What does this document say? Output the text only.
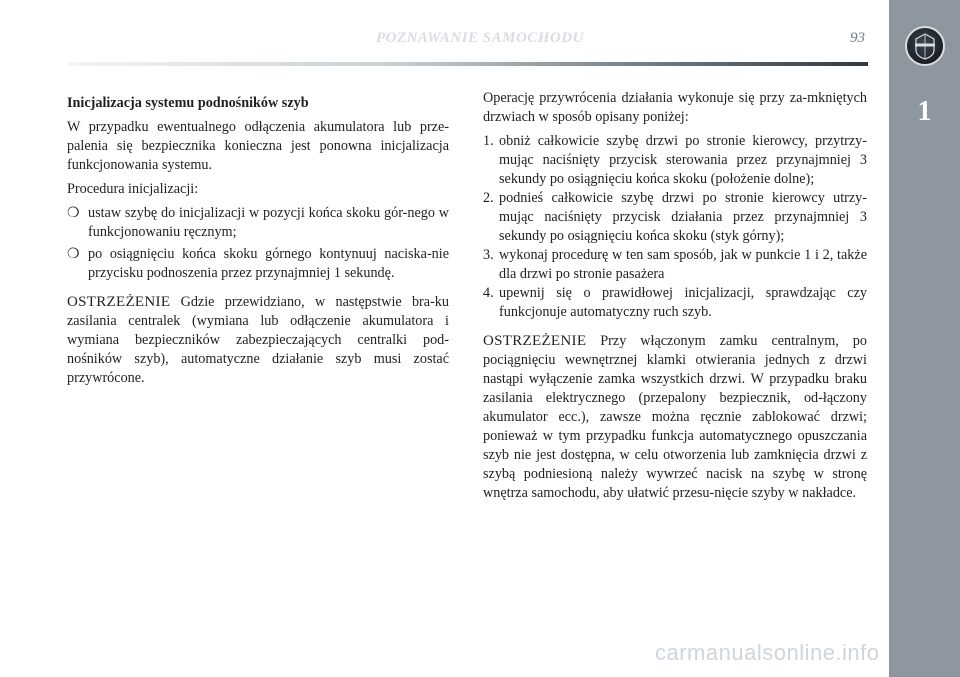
POZNAWANIE SAMOCHODU	93
1

Inicjalizacja systemu podnośników szyb

W przypadku ewentualnego odłączenia akumulatora lub prze-palenia się bezpiecznika konieczna jest ponowna inicjalizacja funkcjonowania systemu.

Procedura inicjalizacji:

❍ ustaw szybę do inicjalizacji w pozycji końca skoku gór-nego w funkcjonowaniu ręcznym;
❍ po osiągnięciu końca skoku górnego kontynuuj naciska-nie przycisku podnoszenia przez przynajmniej 1 sekundę.

OSTRZEŻENIE Gdzie przewidziano, w następstwie bra-ku zasilania centralek (wymiana lub odłączenie akumulatora i wymiana bezpieczników zabezpieczających centralki pod-nośników szyb), automatyczne działanie szyb musi zostać przywrócone.

Operację przywrócenia działania wykonuje się przy za-mkniętych drzwiach w sposób opisany poniżej:

1. obniż całkowicie szybę drzwi po stronie kierowcy, przytrzy-mując naciśnięty przycisk sterowania przez przynajmniej 3 sekundy po osiągnięciu końca skoku (położenie dolne);
2. podnieś całkowicie szybę drzwi po stronie kierowcy utrzy-mując naciśnięty przycisk działania przez przynajmniej 3 sekundy po osiągnięciu końca skoku (styk górny);
3. wykonaj procedurę w ten sam sposób, jak w punkcie 1 i 2, także dla drzwi po stronie pasażera
4. upewnij się o prawidłowej inicjalizacji, sprawdzając czy funkcjonuje automatyczny ruch szyb.

OSTRZEŻENIE Przy włączonym zamku centralnym, po pociągnięciu wewnętrznej klamki otwierania jednych z drzwi nastąpi wyłączenie zamka wszystkich drzwi. W przypadku braku zasilania elektrycznego (przepalony bezpiecznik, od-łączony akumulator ecc.), zawsze można ręcznie zablokować drzwi; ponieważ w tym przypadku funkcja automatycznego opuszczania szyb nie jest dostępna, w celu otworzenia lub zamknięcia drzwi z szybą podniesioną należy wywrzeć nacisk na szybę w stronę wnętrza samochodu, aby ułatwić przesu-nięcie szyby w nakładce.

carmanualsonline.info
